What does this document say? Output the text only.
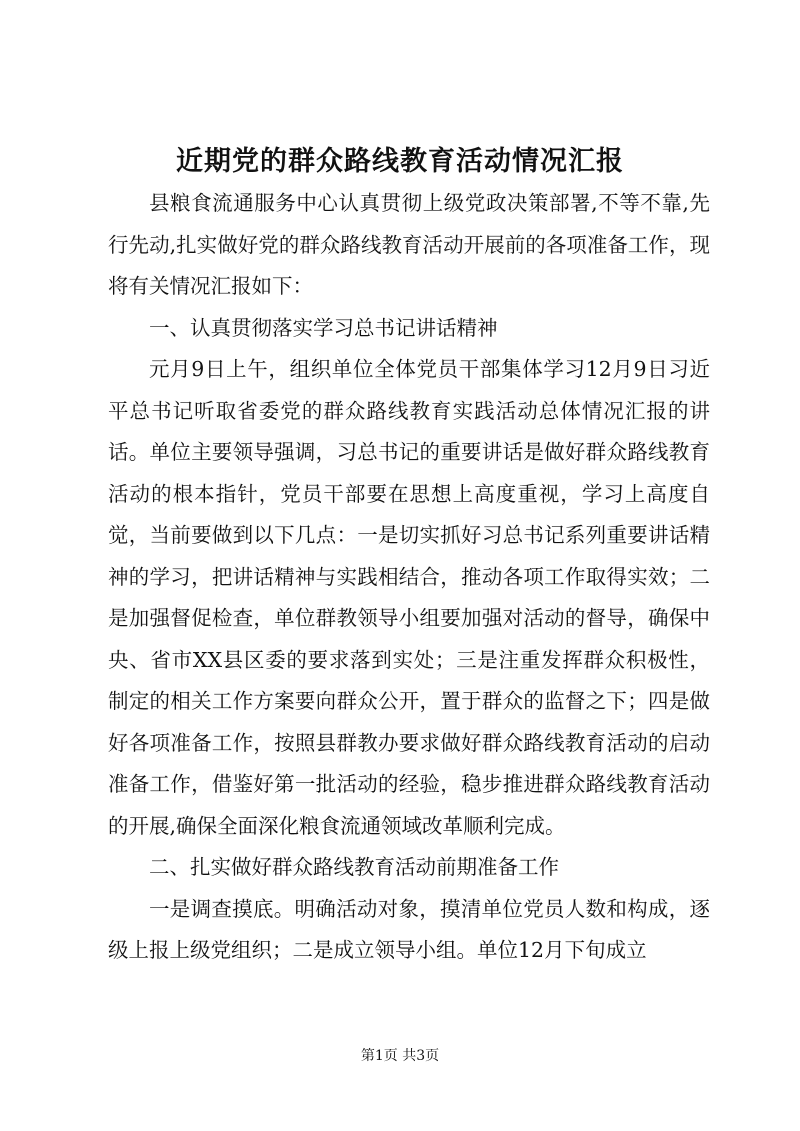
近期党的群众路线教育活动情况汇报

县粮食流通服务中心认真贯彻上级党政决策部署,不等不靠,先行先动,扎实做好党的群众路线教育活动开展前的各项准备工作，现将有关情况汇报如下：

一、认真贯彻落实学习总书记讲话精神

元月9日上午，组织单位全体党员干部集体学习12月9日习近平总书记听取省委党的群众路线教育实践活动总体情况汇报的讲话。单位主要领导强调，习总书记的重要讲话是做好群众路线教育活动的根本指针，党员干部要在思想上高度重视，学习上高度自觉，当前要做到以下几点：一是切实抓好习总书记系列重要讲话精神的学习，把讲话精神与实践相结合，推动各项工作取得实效；二是加强督促检查，单位群教领导小组要加强对活动的督导，确保中央、省市XX县区委的要求落到实处；三是注重发挥群众积极性，制定的相关工作方案要向群众公开，置于群众的监督之下；四是做好各项准备工作，按照县群教办要求做好群众路线教育活动的启动准备工作，借鉴好第一批活动的经验，稳步推进群众路线教育活动的开展,确保全面深化粮食流通领域改革顺利完成。

二、扎实做好群众路线教育活动前期准备工作

一是调查摸底。明确活动对象，摸清单位党员人数和构成，逐级上报上级党组织；二是成立领导小组。单位12月下旬成立

第1页 共3页
